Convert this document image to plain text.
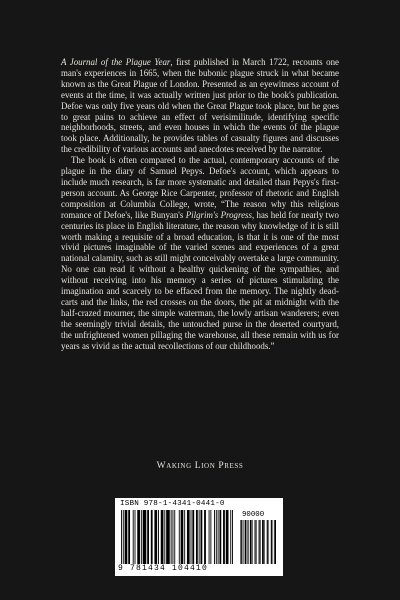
A Journal of the Plague Year, first published in March 1722, recounts one man's experiences in 1665, when the bubonic plague struck in what became known as the Great Plague of London. Presented as an eyewitness account of events at the time, it was actually written just prior to the book's publication. Defoe was only five years old when the Great Plague took place, but he goes to great pains to achieve an effect of verisimilitude, identifying specific neighborhoods, streets, and even houses in which the events of the plague took place. Additionally, he provides tables of casualty figures and discusses the credibility of various accounts and anecdotes received by the narrator.

The book is often compared to the actual, contemporary accounts of the plague in the diary of Samuel Pepys. Defoe's account, which appears to include much research, is far more systematic and detailed than Pepys's first-person account. As George Rice Carpenter, professor of rhetoric and English composition at Columbia College, wrote, “The reason why this religious romance of Defoe's, like Bunyan's Pilgrim's Progress, has held for nearly two centuries its place in English literature, the reason why knowledge of it is still worth making a requisite of a broad education, is that it is one of the most vivid pictures imaginable of the varied scenes and experiences of a great national calamity, such as still might conceivably overtake a large community. No one can read it without a healthy quickening of the sympathies, and without receiving into his memory a series of pictures stimulating the imagination and scarcely to be effaced from the memory. The nightly dead-carts and the links, the red crosses on the doors, the pit at midnight with the half-crazed mourner, the simple waterman, the lowly artisan wanderers; even the seemingly trivial details, the untouched purse in the deserted courtyard, the unfrightened women pillaging the warehouse, all these remain with us for years as vivid as the actual recollections of our childhoods.”

Waking Lion Press
ISBN 978-1-4341-0441-0
90000
9 781434 104410
